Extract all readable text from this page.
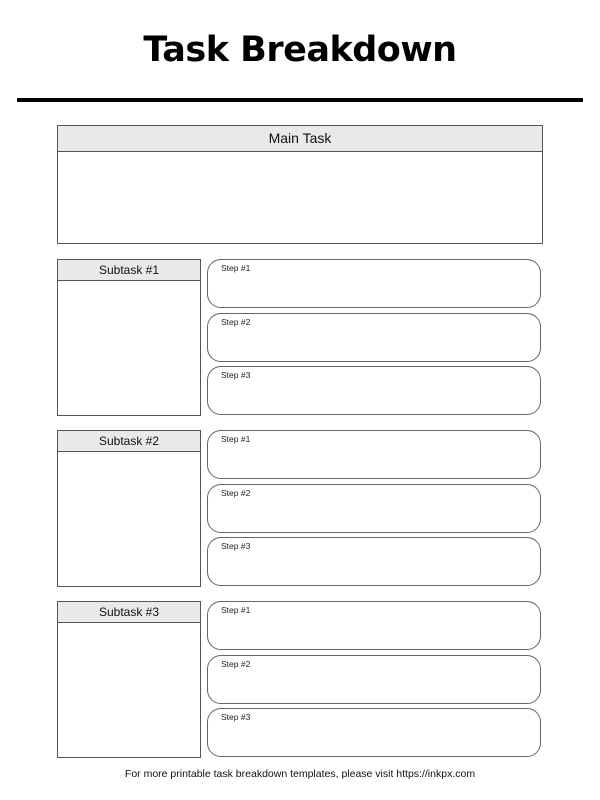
Task Breakdown
Main Task
Subtask #1	Step #1
Step #2
Step #3
Subtask #2	Step #1
Step #2
Step #3
Subtask #3	Step #1
Step #2
Step #3
For more printable task breakdown templates, please visit https://inkpx.com
